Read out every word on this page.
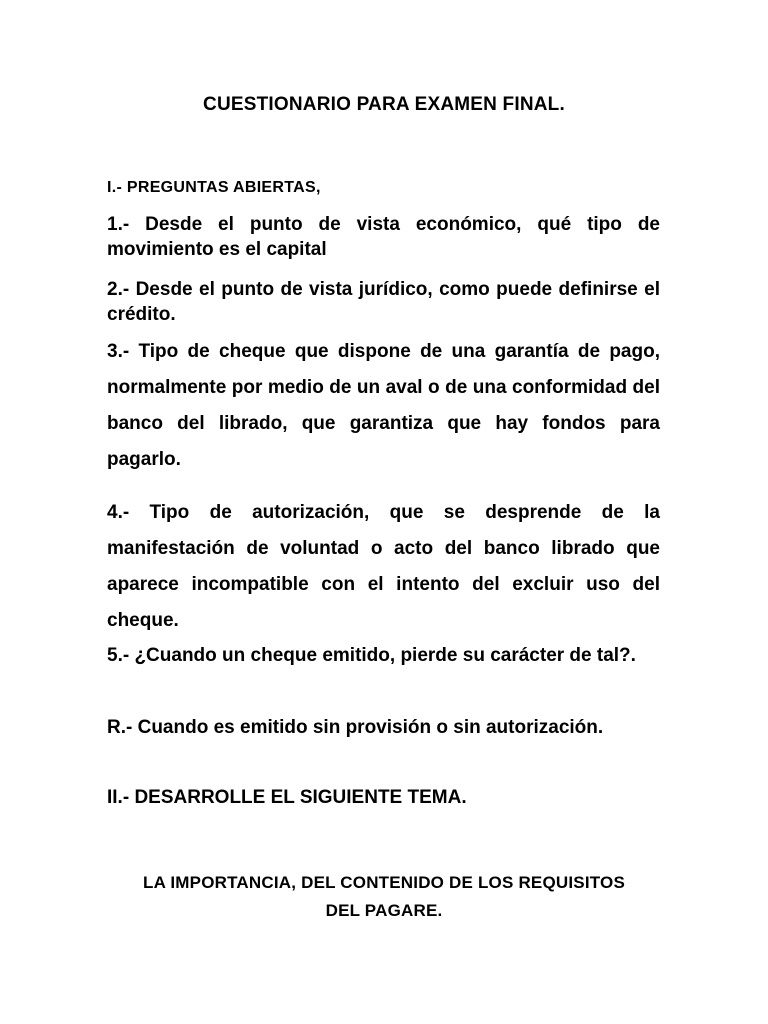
CUESTIONARIO PARA EXAMEN FINAL.
I.- PREGUNTAS ABIERTAS,
1.- Desde el punto de vista económico, qué tipo de movimiento es el capital
2.- Desde el punto de vista jurídico, como puede definirse el crédito.
3.- Tipo de cheque que dispone de una garantía de pago, normalmente por medio de un aval o de una conformidad del banco del librado, que garantiza que hay fondos para pagarlo.
4.- Tipo de autorización, que se desprende de la manifestación de voluntad o acto del banco librado que aparece incompatible con el intento del excluir uso del cheque.
5.- ¿Cuando un cheque emitido, pierde su carácter de tal?.
R.- Cuando es emitido sin provisión o sin autorización.
II.- DESARROLLE EL SIGUIENTE TEMA.
LA IMPORTANCIA, DEL CONTENIDO DE LOS REQUISITOS
DEL PAGARE.
